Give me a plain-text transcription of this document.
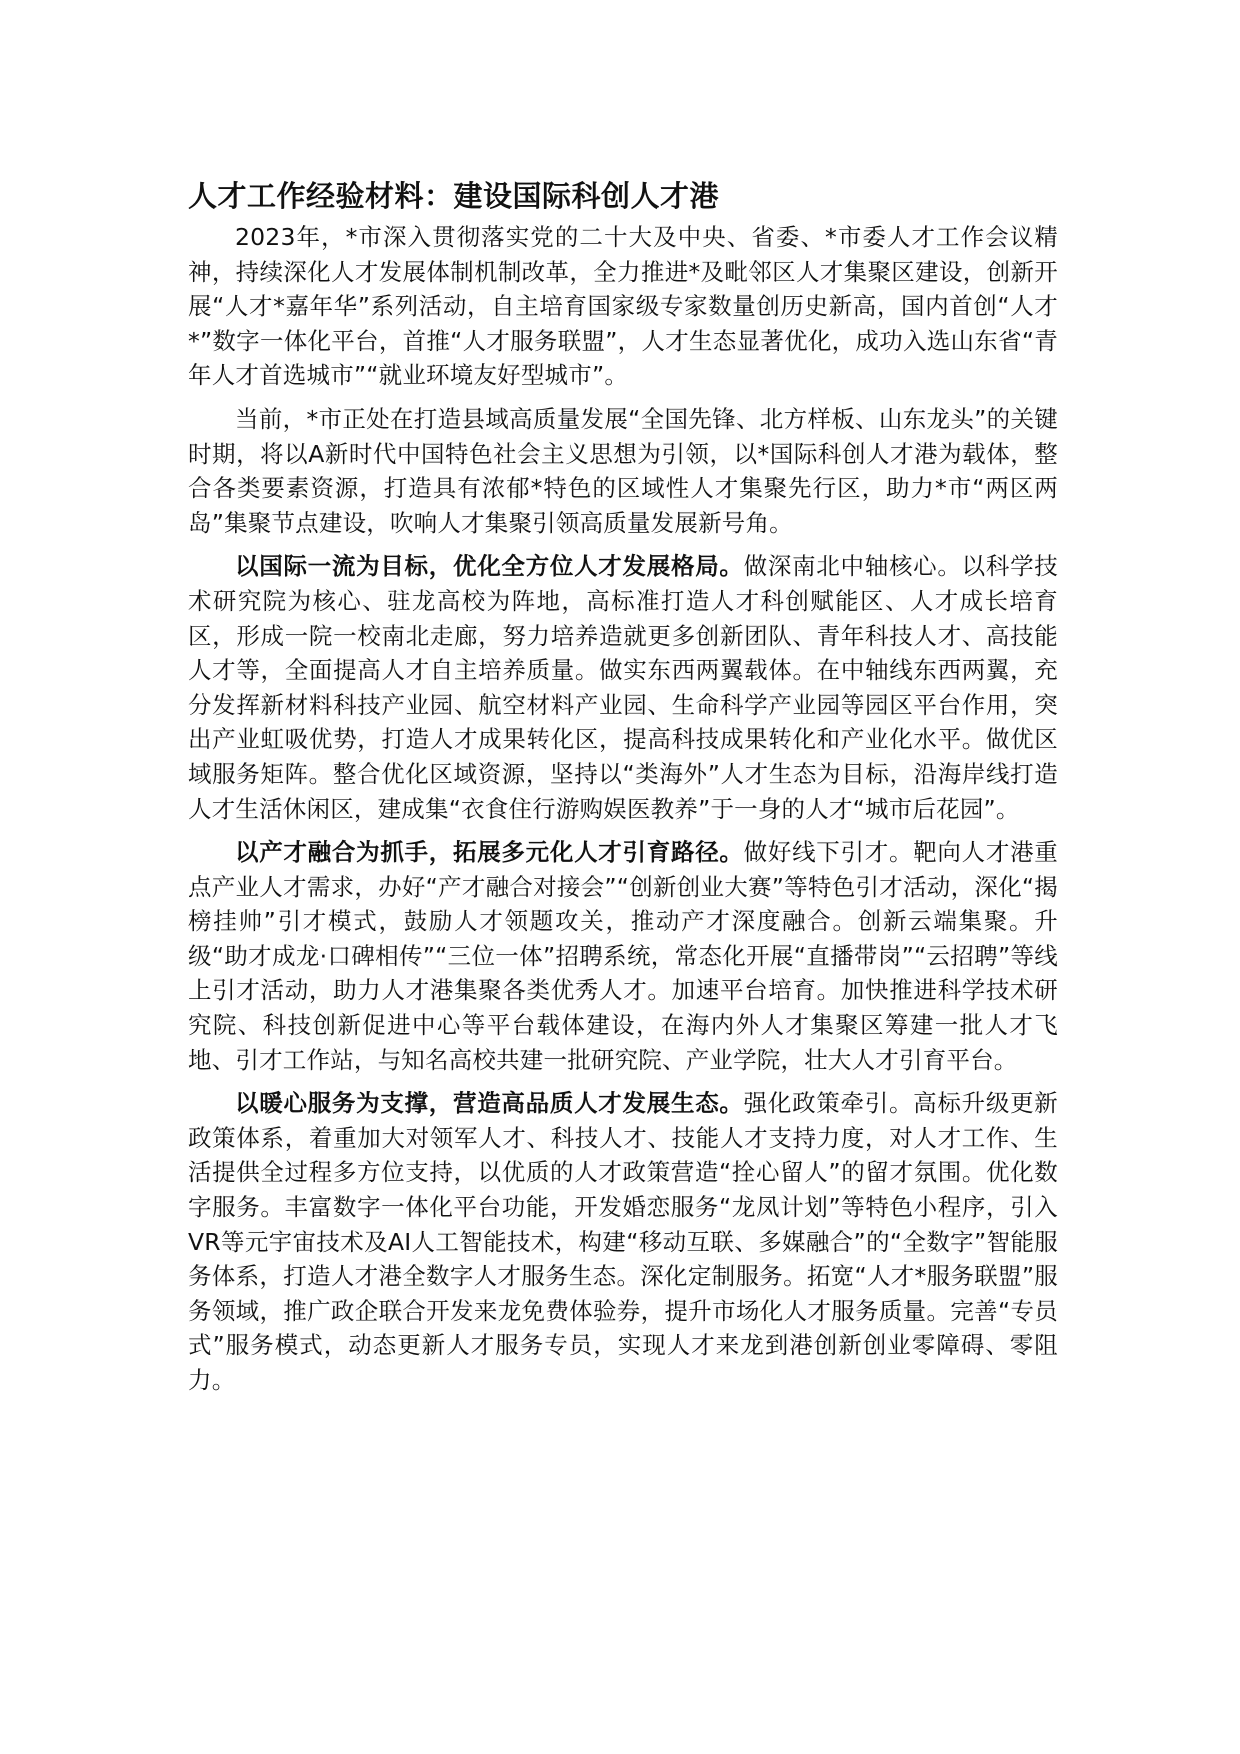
人才工作经验材料：建设国际科创人才港

2023年，*市深入贯彻落实党的二十大及中央、省委、*市委人才工作会议精神，持续深化人才发展体制机制改革，全力推进*及毗邻区人才集聚区建设，创新开展“人才*嘉年华”系列活动，自主培育国家级专家数量创历史新高，国内首创“人才*”数字一体化平台，首推“人才服务联盟”，人才生态显著优化，成功入选山东省“青年人才首选城市”“就业环境友好型城市”。

当前，*市正处在打造县域高质量发展“全国先锋、北方样板、山东龙头”的关键时期，将以A新时代中国特色社会主义思想为引领，以*国际科创人才港为载体，整合各类要素资源，打造具有浓郁*特色的区域性人才集聚先行区，助力*市“两区两岛”集聚节点建设，吹响人才集聚引领高质量发展新号角。

以国际一流为目标，优化全方位人才发展格局。做深南北中轴核心。以科学技术研究院为核心、驻龙高校为阵地，高标准打造人才科创赋能区、人才成长培育区，形成一院一校南北走廊，努力培养造就更多创新团队、青年科技人才、高技能人才等，全面提高人才自主培养质量。做实东西两翼载体。在中轴线东西两翼，充分发挥新材料科技产业园、航空材料产业园、生命科学产业园等园区平台作用，突出产业虹吸优势，打造人才成果转化区，提高科技成果转化和产业化水平。做优区域服务矩阵。整合优化区域资源，坚持以“类海外”人才生态为目标，沿海岸线打造人才生活休闲区，建成集“衣食住行游购娱医教养”于一身的人才“城市后花园”。

以产才融合为抓手，拓展多元化人才引育路径。做好线下引才。靶向人才港重点产业人才需求，办好“产才融合对接会”“创新创业大赛”等特色引才活动，深化“揭榜挂帅”引才模式，鼓励人才领题攻关，推动产才深度融合。创新云端集聚。升级“助才成龙·口碑相传”“三位一体”招聘系统，常态化开展“直播带岗”“云招聘”等线上引才活动，助力人才港集聚各类优秀人才。加速平台培育。加快推进科学技术研究院、科技创新促进中心等平台载体建设，在海内外人才集聚区筹建一批人才飞地、引才工作站，与知名高校共建一批研究院、产业学院，壮大人才引育平台。

以暖心服务为支撑，营造高品质人才发展生态。强化政策牵引。高标升级更新政策体系，着重加大对领军人才、科技人才、技能人才支持力度，对人才工作、生活提供全过程多方位支持，以优质的人才政策营造“拴心留人”的留才氛围。优化数字服务。丰富数字一体化平台功能，开发婚恋服务“龙凤计划”等特色小程序，引入VR等元宇宙技术及AI人工智能技术，构建“移动互联、多媒融合”的“全数字”智能服务体系，打造人才港全数字人才服务生态。深化定制服务。拓宽“人才*服务联盟”服务领域，推广政企联合开发来龙免费体验券，提升市场化人才服务质量。完善“专员式”服务模式，动态更新人才服务专员，实现人才来龙到港创新创业零障碍、零阻力。
